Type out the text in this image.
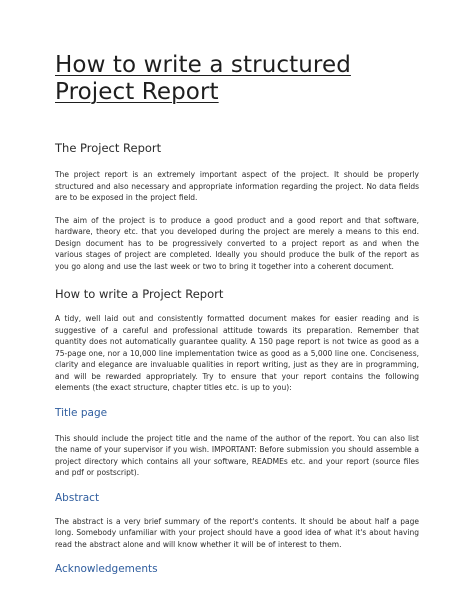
How to write a structured Project Report
The Project Report

The project report is an extremely important aspect of the project. It should be properly structured and also necessary and appropriate information regarding the project. No data fields are to be exposed in the project field.

The aim of the project is to produce a good product and a good report and that software, hardware, theory etc. that you developed during the project are merely a means to this end. Design document has to be progressively converted to a project report as and when the various stages of project are completed. Ideally you should produce the bulk of the report as you go along and use the last week or two to bring it together into a coherent document.

How to write a Project Report

A tidy, well laid out and consistently formatted document makes for easier reading and is suggestive of a careful and professional attitude towards its preparation. Remember that quantity does not automatically guarantee quality. A 150 page report is not twice as good as a 75-page one, nor a 10,000 line implementation twice as good as a 5,000 line one. Conciseness, clarity and elegance are invaluable qualities in report writing, just as they are in programming, and will be rewarded appropriately. Try to ensure that your report contains the following elements (the exact structure, chapter titles etc. is up to you):

Title page

This should include the project title and the name of the author of the report. You can also list the name of your supervisor if you wish. IMPORTANT: Before submission you should assemble a project directory which contains all your software, READMEs etc. and your report (source files and pdf or postscript).

Abstract

The abstract is a very brief summary of the report's contents. It should be about half a page long. Somebody unfamiliar with your project should have a good idea of what it's about having read the abstract alone and will know whether it will be of interest to them.

Acknowledgements
